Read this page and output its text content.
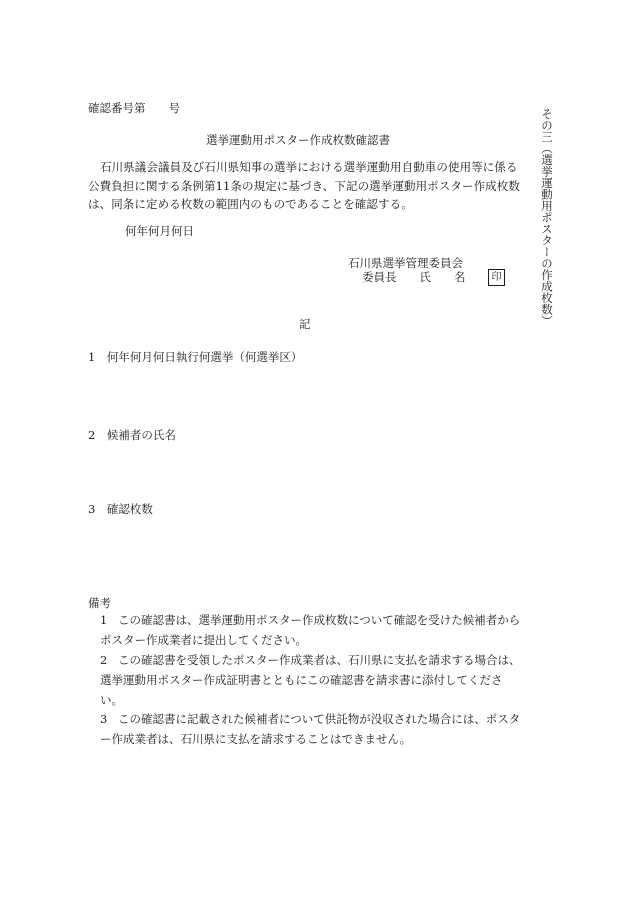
確認番号第　　号	その三（選挙運動用ポスターの作成枚数）
選挙運動用ポスター作成枚数確認書
石川県議会議員及び石川県知事の選挙における選挙運動用自動車の使用等に係る公費負担に関する条例第11条の規定に基づき、下記の選挙運動用ポスター作成枚数は、同条に定める枚数の範囲内のものであることを確認する。
何年何月何日
石川県選挙管理委員会
委員長　　氏　　名	印
記
1　何年何月何日執行何選挙（何選挙区）
2　候補者の氏名
3　確認枚数
備考
1 この確認書は、選挙運動用ポスター作成枚数について確認を受けた候補者からポスター作成業者に提出してください。
2 この確認書を受領したポスター作成業者は、石川県に支払を請求する場合は、選挙運動用ポスター作成証明書とともにこの確認書を請求書に添付してください。
3 この確認書に記載された候補者について供託物が没収された場合には、ポスター作成業者は、石川県に支払を請求することはできません。
